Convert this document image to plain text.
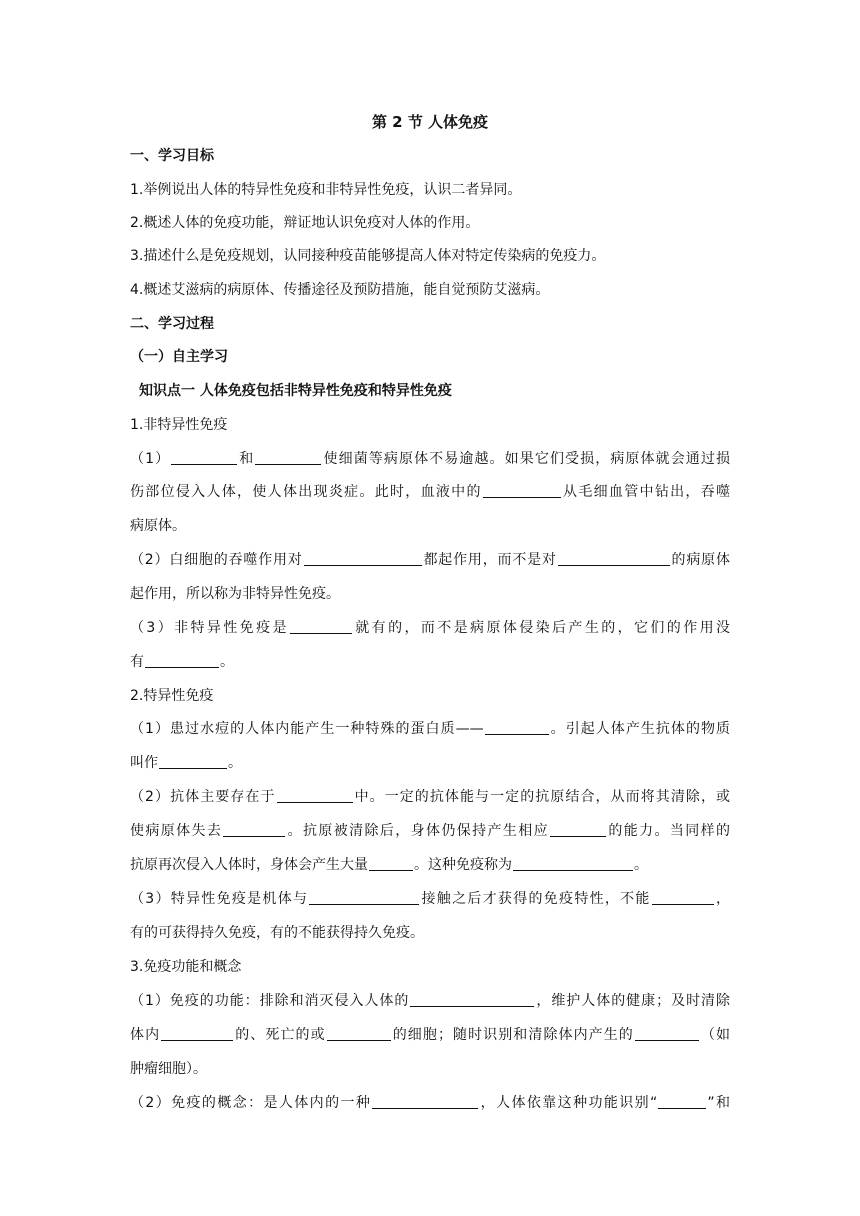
第 2 节 人体免疫
一、学习目标
1.举例说出人体的特异性免疫和非特异性免疫，认识二者异同。
2.概述人体的免疫功能，辩证地认识免疫对人体的作用。
3.描述什么是免疫规划，认同接种疫苗能够提高人体对特定传染病的免疫力。
4.概述艾滋病的病原体、传播途径及预防措施，能自觉预防艾滋病。
二、学习过程
（一）自主学习
知识点一 人体免疫包括非特异性免疫和特异性免疫
1.非特异性免疫
（1）	和	使细菌等病原体不易逾越。如果它们受损，病原体就会通过损
伤部位侵入人体，使人体出现炎症。此时，血液中的	从毛细血管中钻出，吞噬
病原体。
（2）白细胞的吞噬作用对	都起作用，而不是对	的病原体
起作用，所以称为非特异性免疫。
（3）非特异性免疫是	就有的，而不是病原体侵染后产生的，它们的作用没
有	。
2.特异性免疫
（1）患过水痘的人体内能产生一种特殊的蛋白质——	。引起人体产生抗体的物质
叫作	。
（2）抗体主要存在于	中。一定的抗体能与一定的抗原结合，从而将其清除，或
使病原体失去	。抗原被清除后，身体仍保持产生相应	的能力。当同样的
抗原再次侵入人体时，身体会产生大量	。这种免疫称为	。
（3）特异性免疫是机体与	接触之后才获得的免疫特性，不能	，
有的可获得持久免疫，有的不能获得持久免疫。
3.免疫功能和概念
（1）免疫的功能：排除和消灭侵入人体的	，维护人体的健康；及时清除
体内	的、死亡的或	的细胞；随时识别和清除体内产生的	（如
肿瘤细胞）。
（2）免疫的概念：是人体内的一种	，人体依靠这种功能识别“	”和
